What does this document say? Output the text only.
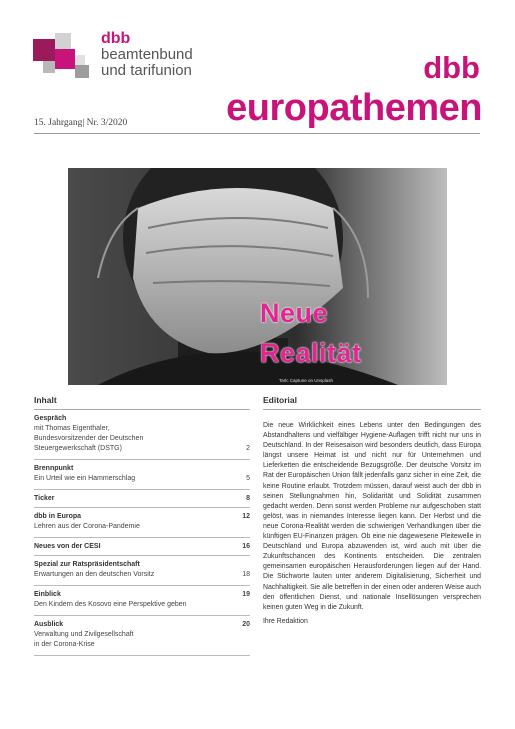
dbb
beamtenbund
und tarifunion	dbb
europathemen
15. Jahrgang| Nr. 3/2020
Neue
Realität
Tarlc Captune on Unsplash
Inhalt
Gespräch
mit Thomas Eigenthaler,
Bundesvorsitzender der Deutschen
Steuergewerkschaft (DSTG)	2
Brennpunkt
Ein Urteil wie ein Hammerschlag	5
Ticker	8
dbb in Europa	12
Lehren aus der Corona-Pandemie
Neues von der CESI	16
Spezial zur Ratspräsidentschaft
Erwartungen an den deutschen Vorsitz	18
Einblick	19
Den Kindern des Kosovo eine Perspektive geben
Ausblick	20
Verwaltung und Zivilgesellschaft
in der Corona-Krise
Editorial
Die neue Wirklichkeit eines Lebens unter den Bedingungen des Abstandhaltens und vielfältiger Hygiene-Auflagen trifft nicht nur uns in Deutschland. In der Reisesaison wird besonders deutlich, dass Europa längst unsere Heimat ist und nicht nur für Unternehmen und Lieferketten die entscheidende Bezugsgröße. Der deutsche Vorsitz im Rat der Europäischen Union fällt jedenfalls ganz sicher in eine Zeit, die keine Routine erlaubt. Trotzdem müssen, darauf weist auch der dbb in seinen Stellungnahmen hin, Solidarität und Solidität zusammen gedacht werden. Denn sonst werden Probleme nur aufgeschoben statt gelöst, was in niemandes Interesse liegen kann. Der Herbst und die neue Corona-Realität werden die schwierigen Verhandlungen über die künftigen EU-Finanzen prägen. Ob eine nie dagewesene Pleitewelle in Deutschland und Europa abzuwenden ist, wird auch mit über die Zukunftschancen des Kontinents entscheiden. Die zentralen gemeinsamen europäischen Herausforderungen liegen auf der Hand. Die Stichworte lauten unter anderem Digitalisierung, Sicherheit und Nachhaltigkeit. Sie alle betreffen in der einen oder anderen Weise auch den öffentlichen Dienst, und nationale Insellösungen versprechen keinen guten Weg in die Zukunft.
Ihre Redaktion
